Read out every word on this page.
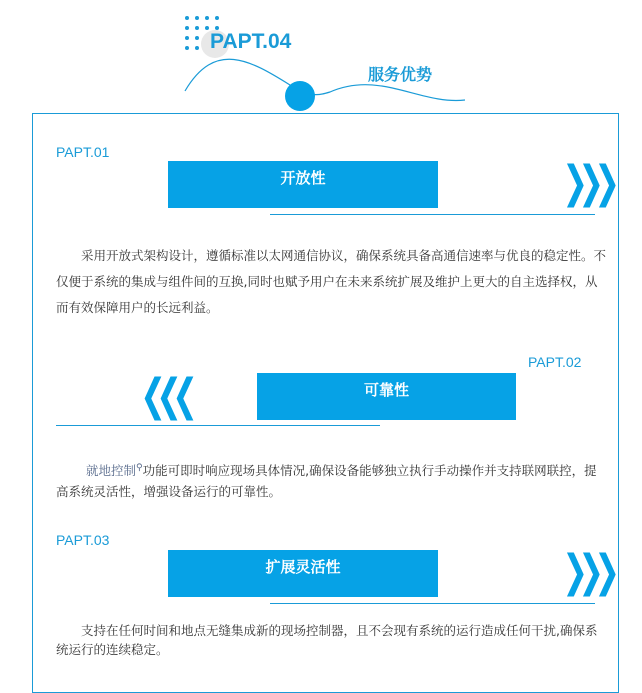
PAPT.04
服务优势
PAPT.01
开放性	❯❯❯
采用开放式架构设计，遵循标准以太网通信协议，确保系统具备高通信速率与优良的稳定性。不仅便于系统的集成与组件间的互换,同时也赋予用户在未来系统扩展及维护上更大的自主选择权，从而有效保障用户的长远利益。
PAPT.02
❮❮❮	可靠性
就地控制⚲功能可即时响应现场具体情况,确保设备能够独立执行手动操作并支持联网联控，提高系统灵活性，增强设备运行的可靠性。
PAPT.03
扩展灵活性	❯❯❯
支持在任何时间和地点无缝集成新的现场控制器，且不会现有系统的运行造成任何干扰,确保系统运行的连续稳定。
